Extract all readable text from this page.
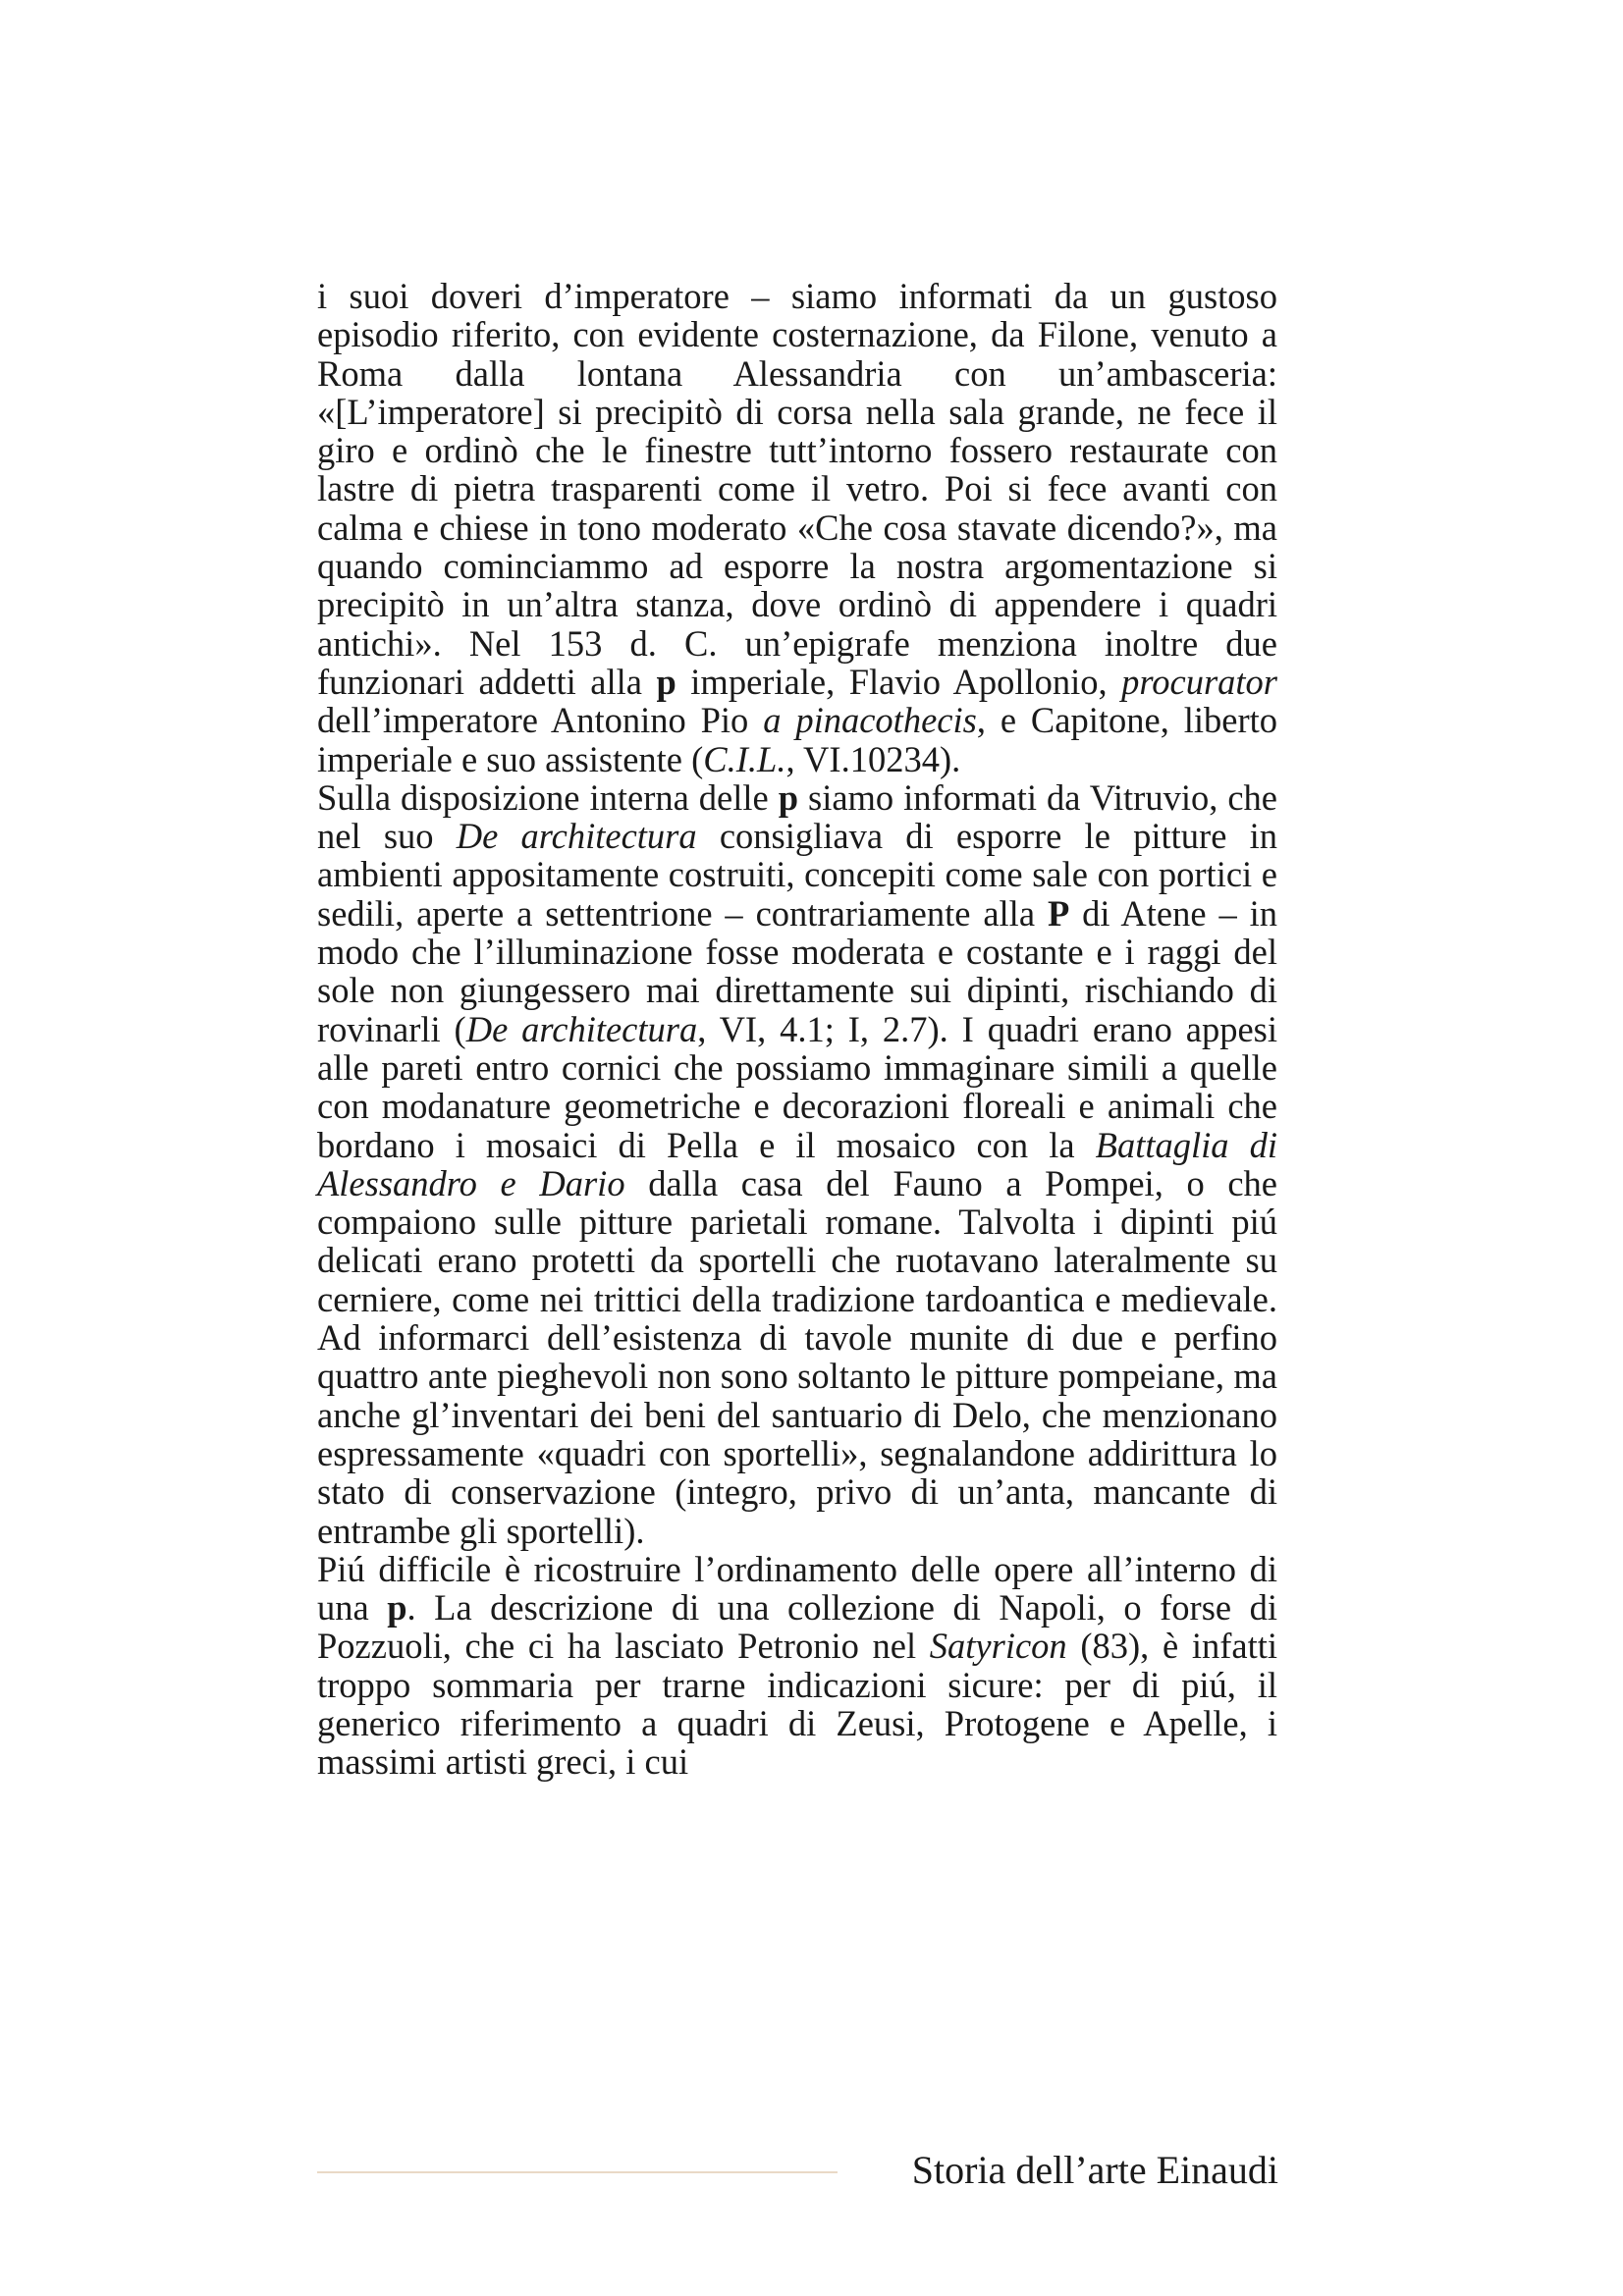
i suoi doveri d’imperatore – siamo informati da un gustoso episodio riferito, con evidente costernazione, da Filone, venuto a Roma dalla lontana Alessandria con un’ambasceria: «[L’imperatore] si precipitò di corsa nella sala grande, ne fece il giro e ordinò che le finestre tutt’intorno fossero restaurate con lastre di pietra trasparenti come il vetro. Poi si fece avanti con calma e chiese in tono moderato «Che cosa stavate dicendo?», ma quando cominciammo ad esporre la nostra argomentazione si precipitò in un’altra stanza, dove ordinò di appendere i quadri antichi». Nel 153 d. C. un’epigrafe menziona inoltre due funzionari addetti alla p imperiale, Flavio Apollonio, procurator dell’imperatore Antonino Pio a pinacothecis, e Capitone, liberto imperiale e suo assistente (C.I.L., VI.10234).

Sulla disposizione interna delle p siamo informati da Vitruvio, che nel suo De architectura consigliava di esporre le pitture in ambienti appositamente costruiti, concepiti come sale con portici e sedili, aperte a settentrione – contrariamente alla P di Atene – in modo che l’illuminazione fosse moderata e costante e i raggi del sole non giungessero mai direttamente sui dipinti, rischiando di rovinarli (De architectura, VI, 4.1; I, 2.7). I quadri erano appesi alle pareti entro cornici che possiamo immaginare simili a quelle con modanature geometriche e decorazioni floreali e animali che bordano i mosaici di Pella e il mosaico con la Battaglia di Alessandro e Dario dalla casa del Fauno a Pompei, o che compaiono sulle pitture parietali romane. Talvolta i dipinti piú delicati erano protetti da sportelli che ruotavano lateralmente su cerniere, come nei trittici della tradizione tardoantica e medievale. Ad informarci dell’esistenza di tavole munite di due e perfino quattro ante pieghevoli non sono soltanto le pitture pompeiane, ma anche gl’inventari dei beni del santuario di Delo, che menzionano espressamente «quadri con sportelli», segnalandone addirittura lo stato di conservazione (integro, privo di un’anta, mancante di entrambe gli sportelli).

Piú difficile è ricostruire l’ordinamento delle opere all’interno di una p. La descrizione di una collezione di Napoli, o forse di Pozzuoli, che ci ha lasciato Petronio nel Satyricon (83), è infatti troppo sommaria per trarne indicazioni sicure: per di piú, il generico riferimento a quadri di Zeusi, Protogene e Apelle, i massimi artisti greci, i cui

Storia dell’arte Einaudi
